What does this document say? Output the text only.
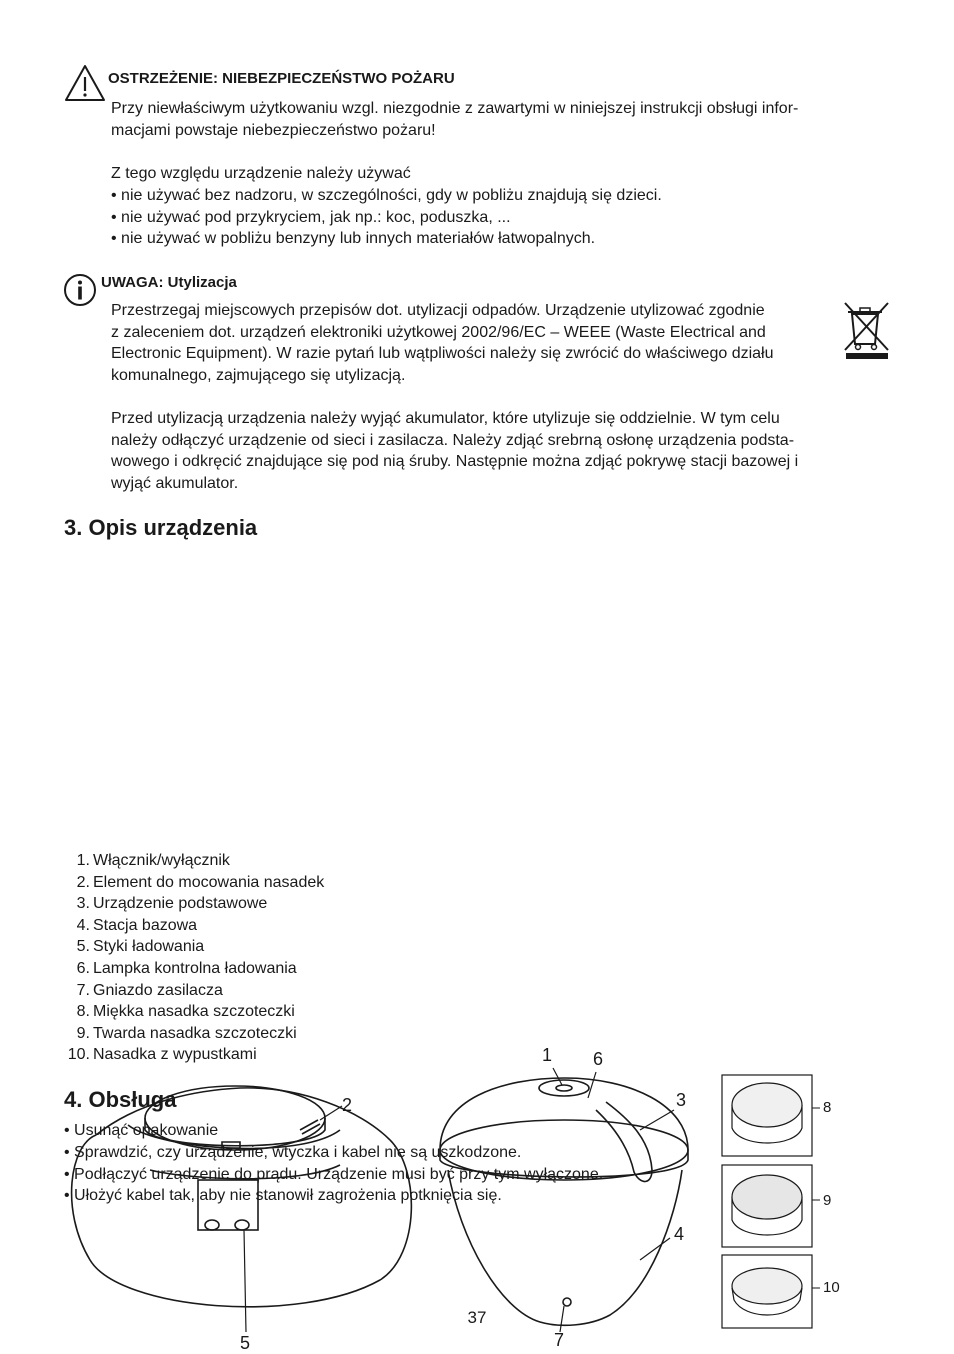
OSTRZEŻENIE: NIEBEZPIECZEŃSTWO POŻARU
Przy niewłaściwym użytkowaniu wzgl. niezgodnie z zawartymi w niniejszej instrukcji obsługi infor-
macjami powstaje niebezpieczeństwo pożaru!
Z tego względu urządzenie należy używać
• nie używać bez nadzoru, w szczególności, gdy w pobliżu znajdują się dzieci.
• nie używać pod przykryciem, jak np.: koc, poduszka, ...
• nie używać w pobliżu benzyny lub innych materiałów łatwopalnych.
UWAGA: Utylizacja
Przestrzegaj miejscowych przepisów dot. utylizacji odpadów. Urządzenie utylizować zgodnie
z zaleceniem dot. urządzeń elektroniki użytkowej 2002/96/EC – WEEE (Waste Electrical and
Electronic Equipment). W razie pytań lub wątpliwości należy się zwrócić do właściwego działu
komunalnego, zajmującego się utylizacją.
Przed utylizacją urządzenia należy wyjąć akumulator, które utylizuje się oddzielnie. W tym celu
należy odłączyć urządzenie od sieci i zasilacza. Należy zdjąć srebrną osłonę urządzenia podsta-
wowego i odkręcić znajdujące się pod nią śruby. Następnie można zdjąć pokrywę stacji bazowej i
wyjąć akumulator.
3. Opis urządzenia
1
2	3
4
5
6
7
8
9
10
1. Włącznik/wyłącznik
2. Element do mocowania nasadek
3. Urządzenie podstawowe
4. Stacja bazowa
5. Styki ładowania
6. Lampka kontrolna ładowania
7. Gniazdo zasilacza
8. Miękka nasadka szczoteczki
9. Twarda nasadka szczoteczki
10. Nasadka z wypustkami
4. Obsługa
• Usunąć opakowanie
• Sprawdzić, czy urządzenie, wtyczka i kabel nie są uszkodzone.
• Podłączyć urządzenie do prądu. Urządzenie musi być przy tym wyłączone.
• Ułożyć kabel tak, aby nie stanowił zagrożenia potknięcia się.
37
